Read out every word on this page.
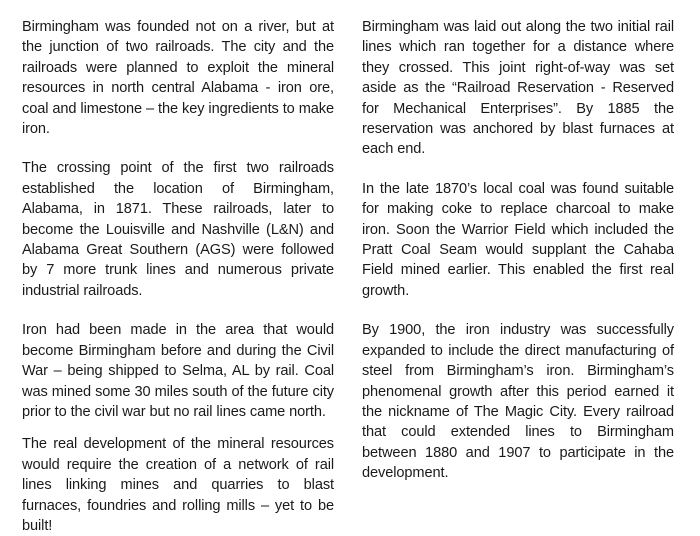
Birmingham was founded not on a river, but at the junction of two railroads. The city and the railroads were planned to exploit the mineral resources in north central Alabama - iron ore, coal and limestone – the key ingredients to make iron.

The crossing point of the first two railroads established the location of Birmingham, Alabama, in 1871. These railroads, later to become the Louisville and Nashville (L&N) and Alabama Great Southern (AGS) were followed by 7 more trunk lines and numerous private industrial railroads.

Iron had been made in the area that would become Birmingham before and during the Civil War – being shipped to Selma, AL by rail. Coal was mined some 30 miles south of the future city prior to the civil war but no rail lines came north.

The real development of the mineral resources would require the creation of a network of rail lines linking mines and quarries to blast furnaces, foundries and rolling mills – yet to be built!

Birmingham was laid out along the two initial rail lines which ran together for a distance where they crossed. This joint right-of-way was set aside as the “Railroad Reservation - Reserved for Mechanical Enterprises”. By 1885 the reservation was anchored by blast furnaces at each end.

In the late 1870’s local coal was found suitable for making coke to replace charcoal to make iron. Soon the Warrior Field which included the Pratt Coal Seam would supplant the Cahaba Field mined earlier. This enabled the first real growth.

By 1900, the iron industry was successfully expanded to include the direct manufacturing of steel from Birmingham’s iron. Birmingham’s phenomenal growth after this period earned it the nickname of The Magic City. Every railroad that could extended lines to Birmingham between 1880 and 1907 to participate in the development.
